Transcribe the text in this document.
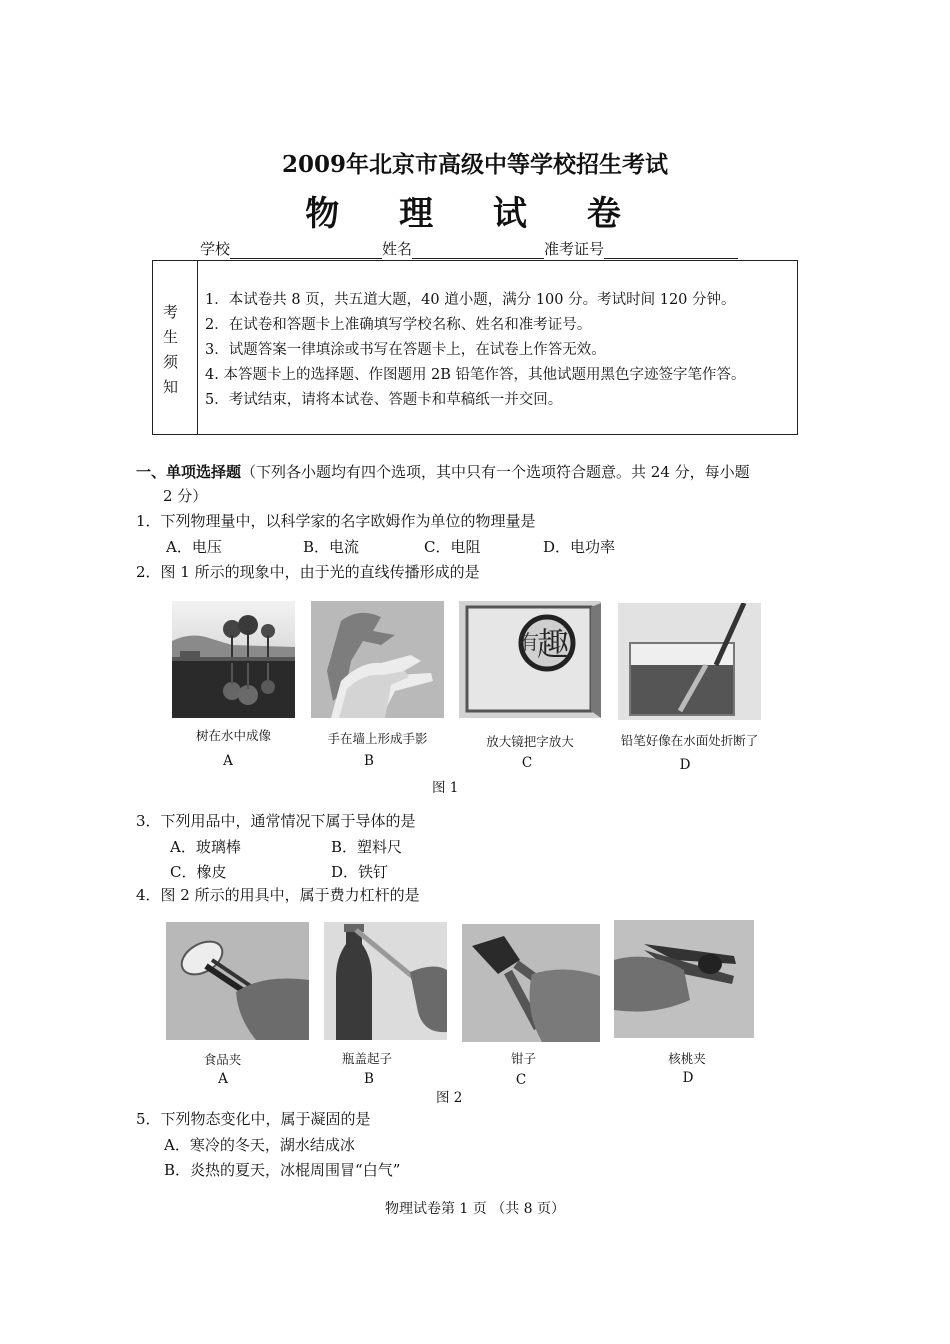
2009年北京市高级中等学校招生考试
物 理 试 卷
学校	姓名	准考证号
考
生
须
知
1．本试卷共 8 页，共五道大题，40 道小题，满分 100 分。考试时间 120 分钟。
2．在试卷和答题卡上准确填写学校名称、姓名和准考证号。
3．试题答案一律填涂或书写在答题卡上，在试卷上作答无效。
4. 本答题卡上的选择题、作图题用 2B 铅笔作答，其他试题用黑色字迹签字笔作答。
5．考试结束，请将本试卷、答题卡和草稿纸一并交回。
一、单项选择题（下列各小题均有四个选项，其中只有一个选项符合题意。共 24 分，每小题
2 分）
1．下列物理量中，以科学家的名字欧姆作为单位的物理量是
A．电压	B．电流	C．电阻	D．电功率
2．图 1 所示的现象中，由于光的直线传播形成的是
有
趣
树在水中成像	手在墙上形成手影	放大镜把字放大	铅笔好像在水面处折断了
A	B	C	D
图 1
3．下列用品中，通常情况下属于导体的是
A．玻璃棒	B．塑料尺
C．橡皮	D．铁钉
4．图 2 所示的用具中，属于费力杠杆的是
食品夹	瓶盖起子	钳子	核桃夹
A	B	C	D
图 2
5．下列物态变化中，属于凝固的是
A．寒冷的冬天，湖水结成冰
B．炎热的夏天，冰棍周围冒“白气”
物理试卷第 1 页 （共 8 页）
